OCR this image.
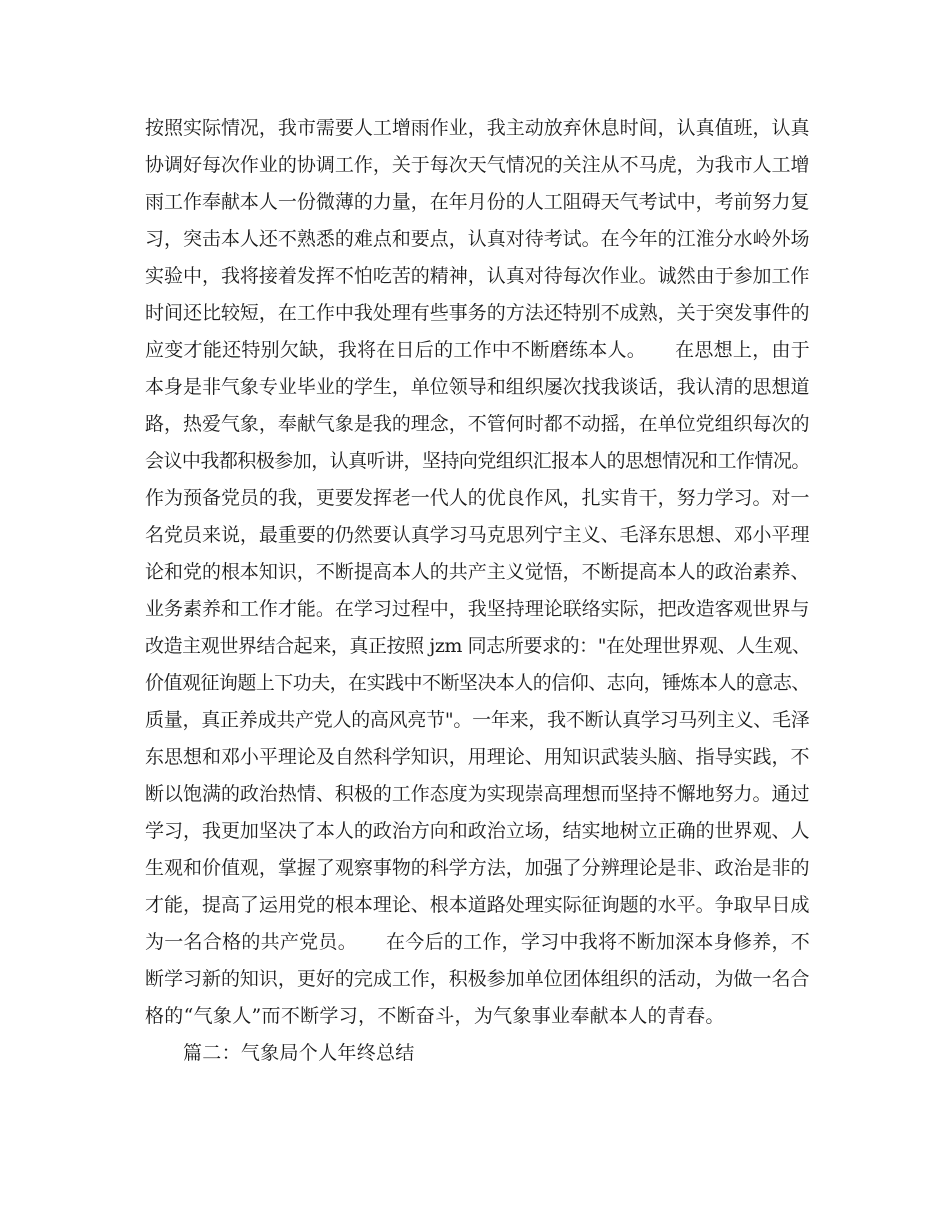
按照实际情况，我市需要人工增雨作业，我主动放弃休息时间，认真值班，认真
协调好每次作业的协调工作，关于每次天气情况的关注从不马虎，为我市人工增
雨工作奉献本人一份微薄的力量，在年月份的人工阻碍天气考试中，考前努力复
习，突击本人还不熟悉的难点和要点，认真对待考试。在今年的江淮分水岭外场
实验中，我将接着发挥不怕吃苦的精神，认真对待每次作业。诚然由于参加工作
时间还比较短，在工作中我处理有些事务的方法还特别不成熟，关于突发事件的
应变才能还特别欠缺，我将在日后的工作中不断磨练本人。　　在思想上，由于
本身是非气象专业毕业的学生，单位领导和组织屡次找我谈话，我认清的思想道
路，热爱气象，奉献气象是我的理念，不管何时都不动摇，在单位党组织每次的
会议中我都积极参加，认真听讲，坚持向党组织汇报本人的思想情况和工作情况。
作为预备党员的我，更要发挥老一代人的优良作风，扎实肯干，努力学习。对一
名党员来说，最重要的仍然要认真学习马克思列宁主义、毛泽东思想、邓小平理
论和党的根本知识，不断提高本人的共产主义觉悟，不断提高本人的政治素养、
业务素养和工作才能。在学习过程中，我坚持理论联络实际，把改造客观世界与
改造主观世界结合起来，真正按照 jzm 同志所要求的："在处理世界观、人生观、
价值观征询题上下功夫，在实践中不断坚决本人的信仰、志向，锤炼本人的意志、
质量，真正养成共产党人的高风亮节"。一年来，我不断认真学习马列主义、毛泽
东思想和邓小平理论及自然科学知识，用理论、用知识武装头脑、指导实践，不
断以饱满的政治热情、积极的工作态度为实现崇高理想而坚持不懈地努力。通过
学习，我更加坚决了本人的政治方向和政治立场，结实地树立正确的世界观、人
生观和价值观，掌握了观察事物的科学方法，加强了分辨理论是非、政治是非的
才能，提高了运用党的根本理论、根本道路处理实际征询题的水平。争取早日成
为一名合格的共产党员。　　在今后的工作，学习中我将不断加深本身修养，不
断学习新的知识，更好的完成工作，积极参加单位团体组织的活动，为做一名合
格的“气象人”而不断学习，不断奋斗，为气象事业奉献本人的青春。
篇二：气象局个人年终总结
